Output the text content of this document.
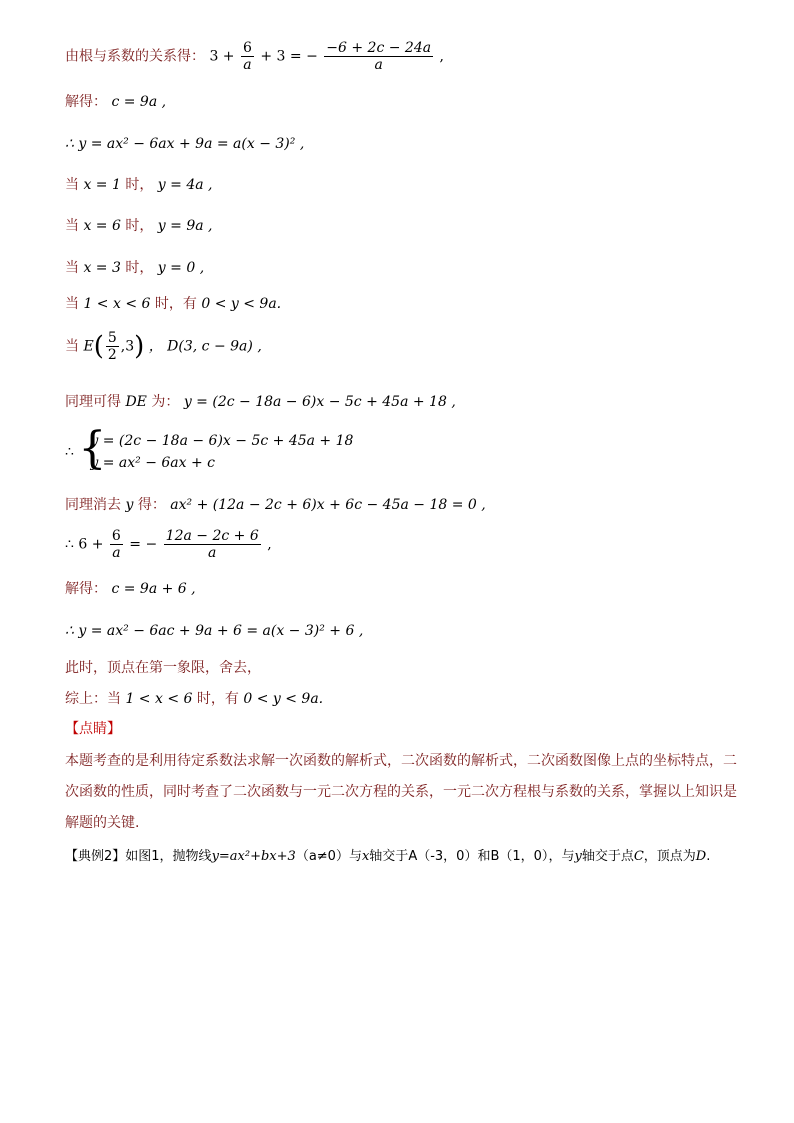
由根与系数的关系得： $3 + \frac{6}{a} + 3$ = − $\frac{-6 + 2c - 24a}{a}$ ,
解得： c = 9a ,
∴ y = ax² − 6ax + 9a = a(x − 3)² ,
当 x = 1 时， y = 4a ,
当 x = 6 时， y = 9a ,
当 x = 3 时， y = 0 ,
当 1 < x < 6 时，有 0 < y < 9a.
当 $E( \frac{5}{2} ,3)$ ， D(3, c − 9a) ,
同理可得 DE 为： y = (2c − 18a − 6)x − 5c + 45a + 18 ,
∴ {
y = (2c − 18a − 6)x − 5c + 45a + 18
y = ax² − 6ax + c
同理消去 y 得： ax² + (12a − 2c + 6)x + 6c − 45a − 18 = 0 ,
∴ $6 + \frac{6}{a}$ = − $\frac{12a - 2c + 6}{a}$ ,
解得： c = 9a + 6 ,
∴ y = ax² − 6ac + 9a + 6 = a(x − 3)² + 6 ,
此时，顶点在第一象限，舍去，
综上：当 1 < x < 6 时，有 0 < y < 9a.
【点睛】
本题考查的是利用待定系数法求解一次函数的解析式，二次函数的解析式，二次函数图像上点的坐标特点，二次函数的性质，同时考查了二次函数与一元二次方程的关系，一元二次方程根与系数的关系，掌握以上知识是解题的关键.
【典例2】如图1，抛物线y=ax²+bx+3（a≠0）与x轴交于A（-3，0）和B（1，0），与y轴交于点C，顶点为D.
